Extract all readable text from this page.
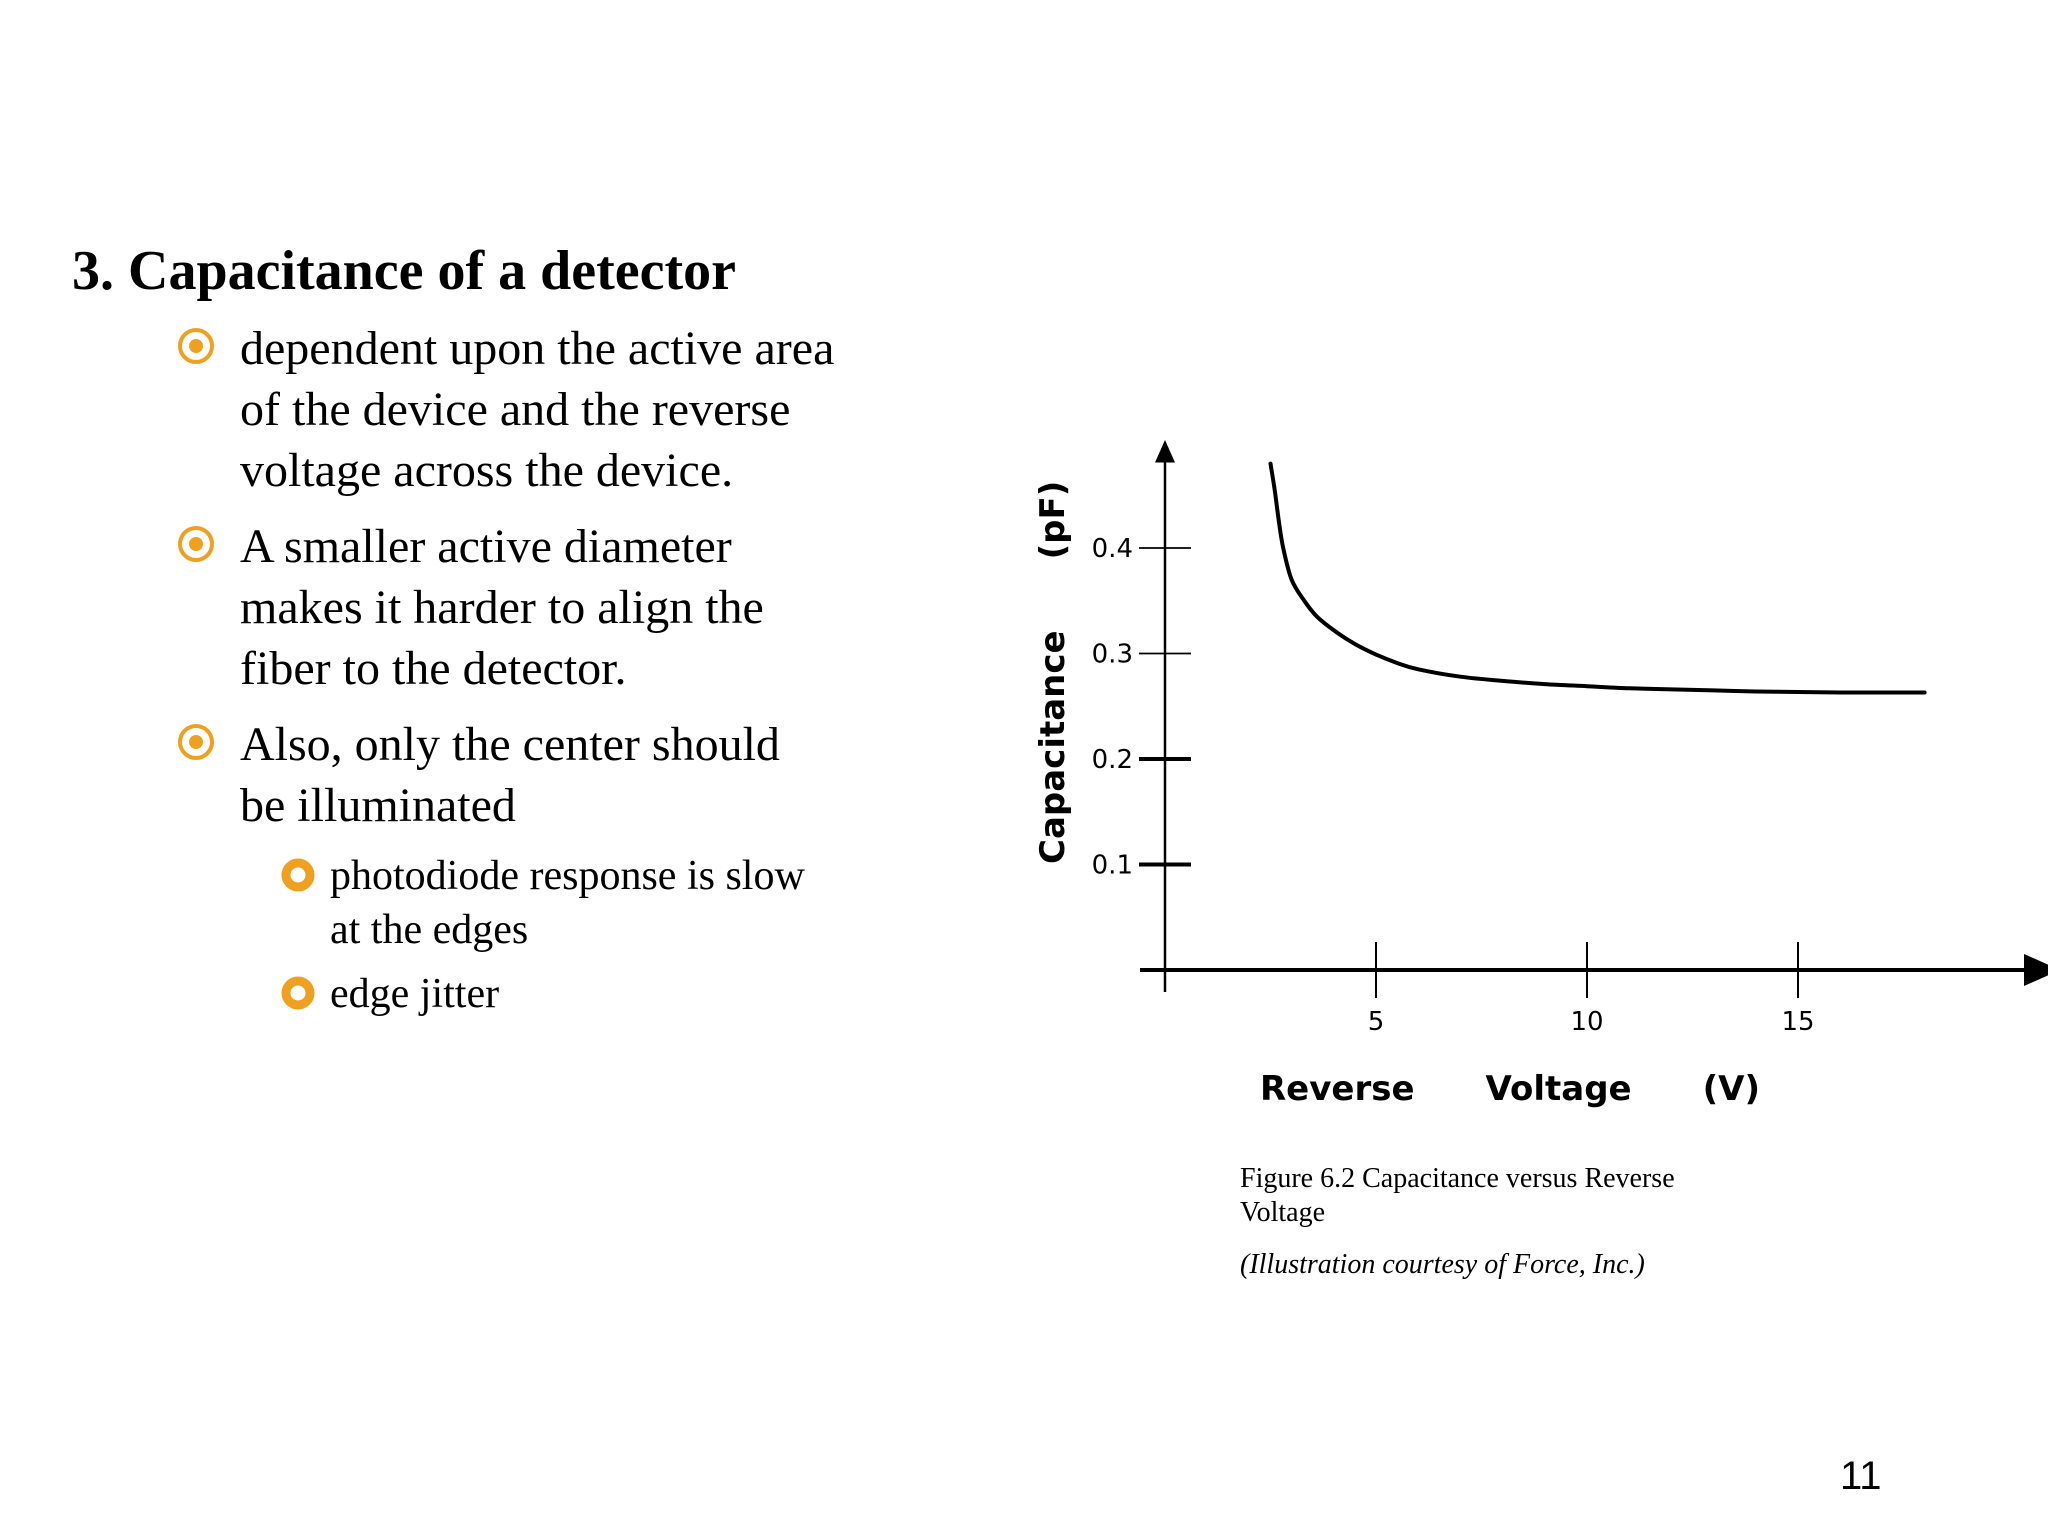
3. Capacitance of a detector
dependent upon the active area
of the device and the reverse
voltage across the device.
A smaller active diameter
makes it harder to align the
fiber to the detector.
Also, only the center should
be illuminated
photodiode response is slow
at the edges
edge jitter
0.1
0.2
0.3
0.4
5	10	15
Reverse      Voltage      (V)
Capacitance      (pF)
Figure 6.2 Capacitance versus Reverse Voltage
(Illustration courtesy of Force, Inc.)
11
